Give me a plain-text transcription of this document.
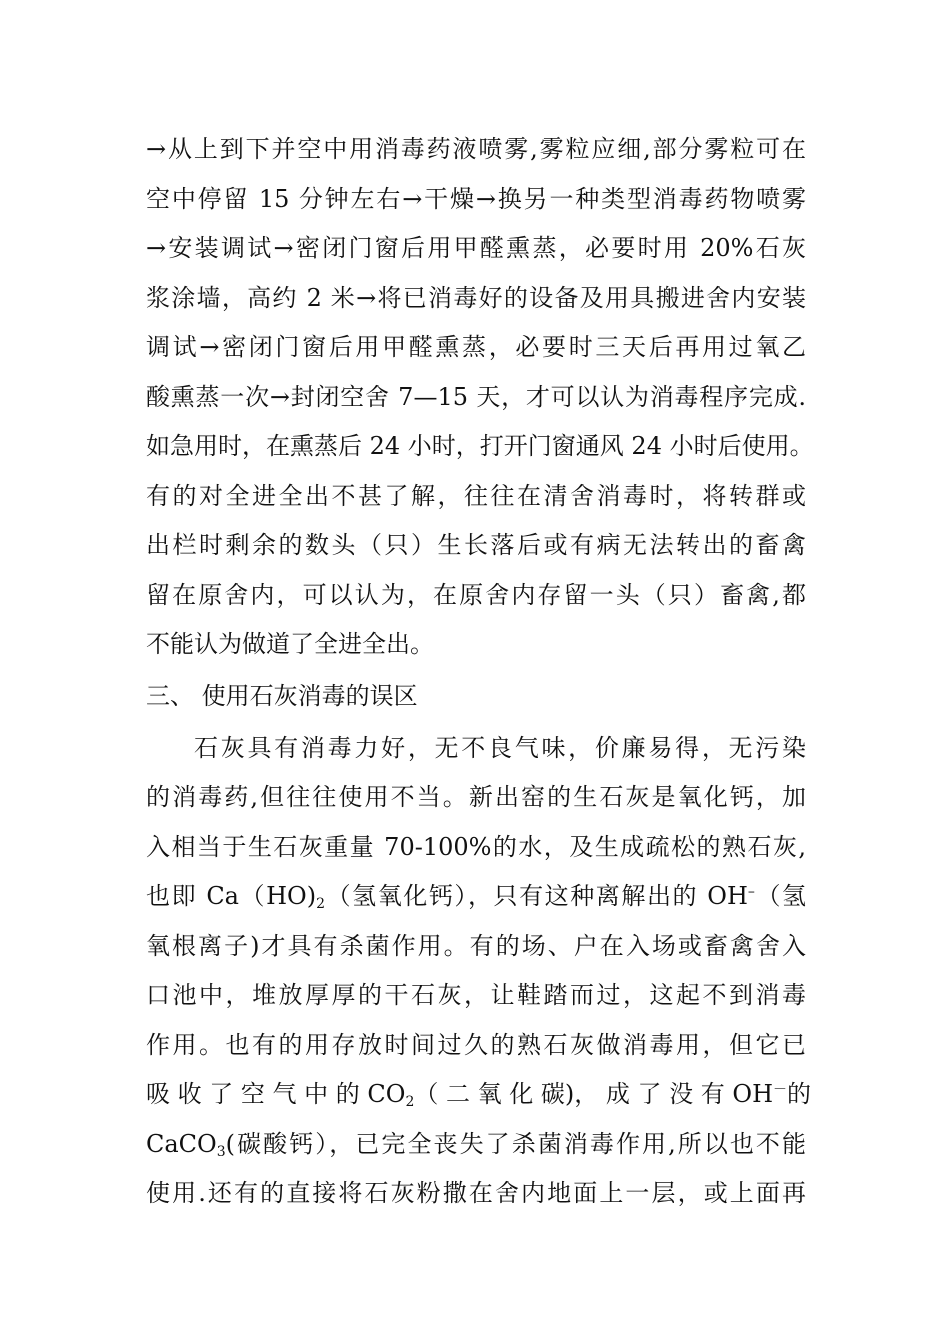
→从上到下并空中用消毒药液喷雾,雾粒应细,部分雾粒可在
空中停留 15 分钟左右→干燥→换另一种类型消毒药物喷雾
→安装调试→密闭门窗后用甲醛熏蒸，必要时用 20%石灰
浆涂墙，高约 2 米→将已消毒好的设备及用具搬进舍内安装
调试→密闭门窗后用甲醛熏蒸，必要时三天后再用过氧乙
酸熏蒸一次→封闭空舍 7—15 天，才可以认为消毒程序完成.
如急用时，在熏蒸后 24 小时，打开门窗通风 24 小时后使用。
有的对全进全出不甚了解，往往在清舍消毒时，将转群或
出栏时剩余的数头（只）生长落后或有病无法转出的畜禽
留在原舍内，可以认为，在原舍内存留一头（只）畜禽,都
不能认为做道了全进全出。
三、 使用石灰消毒的误区
石灰具有消毒力好，无不良气味，价廉易得，无污染
的消毒药,但往往使用不当。新出窑的生石灰是氧化钙，加
入相当于生石灰重量 70-100%的水，及生成疏松的熟石灰,
也即 $Ca(HO)_2$（氢氧化钙），只有这种离解出的 OH–（氢
氧根离子)才具有杀菌作用。有的场、户在入场或畜禽舍入
口池中，堆放厚厚的干石灰，让鞋踏而过，这起不到消毒
作用。也有的用存放时间过久的熟石灰做消毒用，但它已
吸 收 了 空 气 中 的 $CO_2$（ 二 氧 化 碳)， 成 了 没 有 OH－的
CaCO$_3$(碳酸钙），已完全丧失了杀菌消毒作用,所以也不能
使用.还有的直接将石灰粉撒在舍内地面上一层，或上面再
